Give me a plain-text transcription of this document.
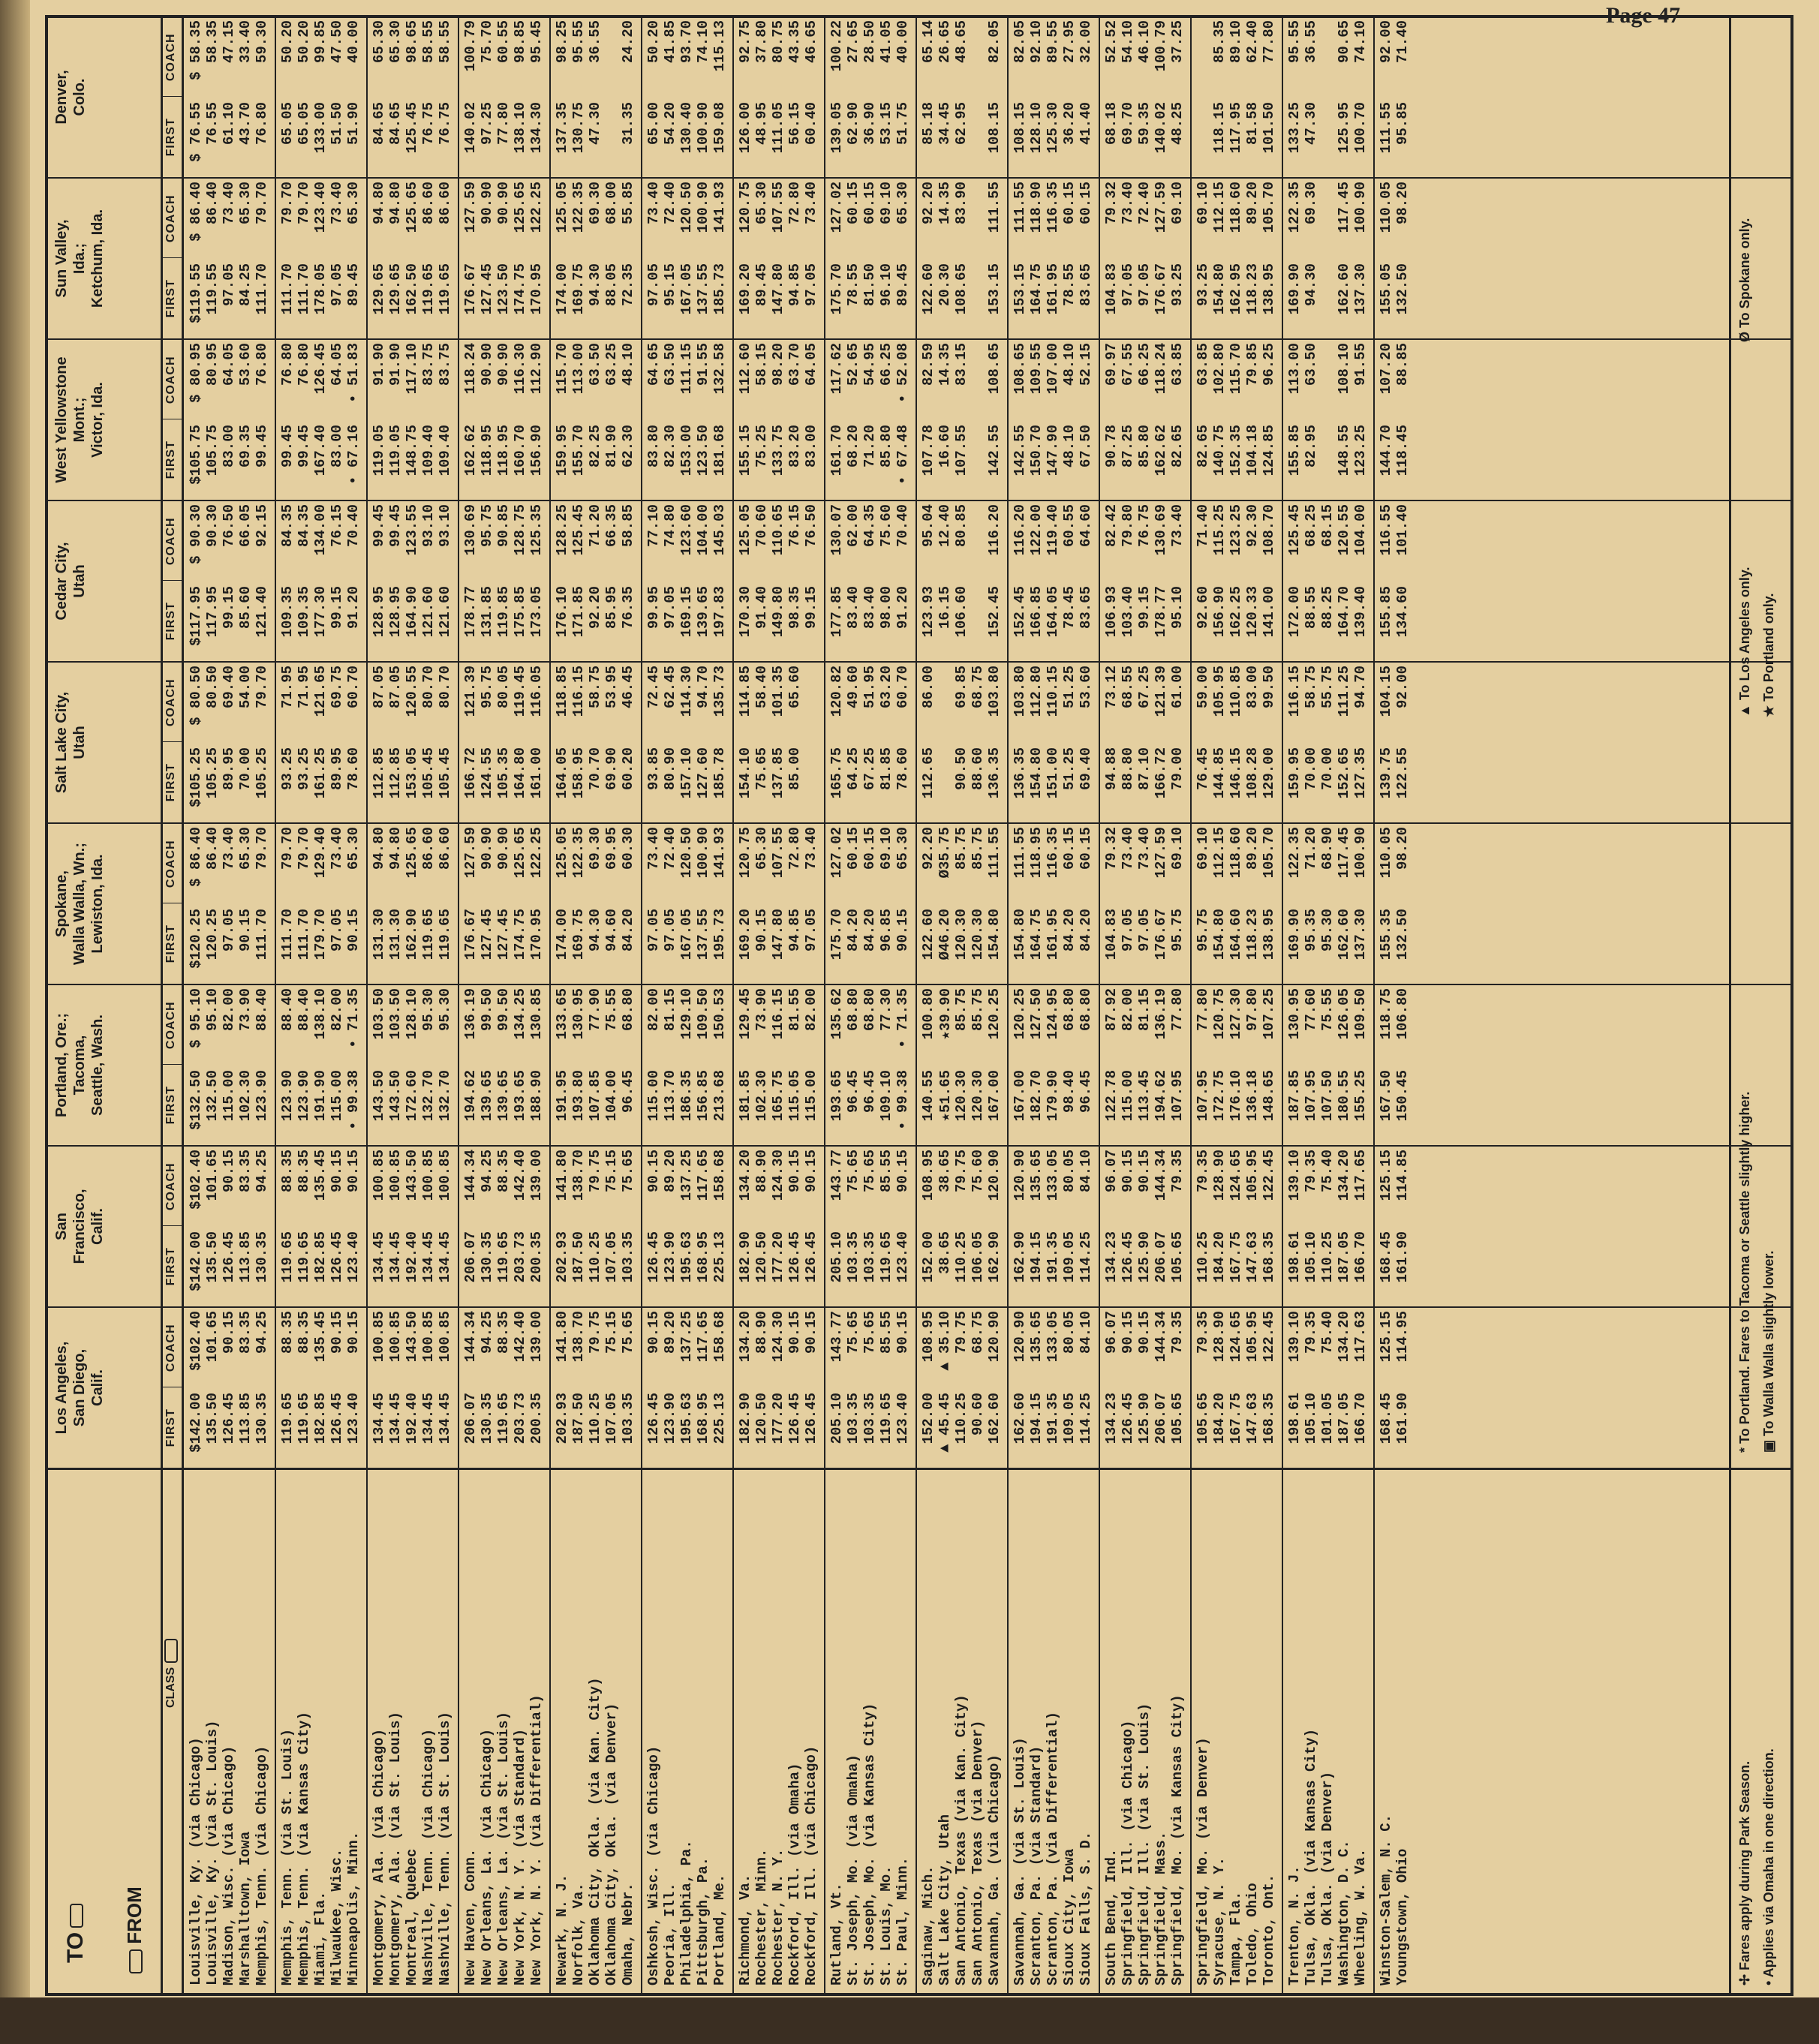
Page 47
TO
FROM
CLASS
Los Angeles,
San Diego,
Calif.
FIRST
COACH
San
Francisco,
Calif.
FIRST
COACH
Portland, Ore.;
Tacoma,
Seattle, Wash.
FIRST
COACH
Spokane,
Walla Walla, Wn.;
Lewiston, Ida.
FIRST
COACH
Salt Lake City,
Utah
FIRST
COACH
Cedar City,
Utah
FIRST
COACH
West Yellowstone
Mont.;
Victor, Ida.
FIRST
COACH
Sun Valley,
Ida.;
Ketchum, Ida.
FIRST
COACH
Denver,
Colo.
FIRST
COACH
Louisville, Ky. (via Chicago)
$142.00
$102.40
$142.00
$102.40
$132.50
$ 95.10
$120.25
$ 86.40
$105.25
$ 80.50
$117.95
$ 90.30
$105.75
$ 80.95
$119.55
$ 86.40
$ 76.55
$ 58.35
Louisville, Ky. (via St. Louis)
135.50
101.65
135.50
101.65
132.50
95.10
120.25
86.40
105.25
80.50
117.95
90.30
105.75
80.95
119.55
86.40
76.55
58.35
Madison, Wisc. (via Chicago)
126.45
90.15
126.45
90.15
115.00
82.00
97.05
73.40
89.95
69.40
99.15
76.50
83.00
64.05
97.05
73.40
61.10
47.15
Marshalltown, Iowa
113.85
83.35
113.85
83.35
102.30
73.90
90.15
65.30
70.00
54.00
85.60
66.05
69.35
53.60
84.25
65.30
43.70
33.40
Memphis, Tenn. (via Chicago)
130.35
94.25
130.35
94.25
123.90
88.40
111.70
79.70
105.25
79.70
121.40
92.15
99.45
76.80
111.70
79.70
76.80
59.30
Memphis, Tenn. (via St. Louis)
119.65
88.35
119.65
88.35
123.90
88.40
111.70
79.70
93.25
71.95
109.35
84.35
99.45
76.80
111.70
79.70
65.05
50.20
Memphis, Tenn. (via Kansas City)
119.65
88.35
119.65
88.35
123.90
88.40
111.70
79.70
93.25
71.95
109.35
84.35
99.45
76.80
111.70
79.70
65.05
50.20
Miami, Fla.
182.85
135.45
182.85
135.45
191.90
138.10
179.70
129.40
161.25
121.65
177.30
134.00
167.40
126.45
178.05
123.40
133.00
99.85
Milwaukee, Wisc.
126.45
90.15
126.45
90.15
115.00
82.00
97.05
73.40
89.95
69.75
99.15
76.15
83.00
64.05
97.05
73.40
51.50
47.50
Minneapolis, Minn.
123.40
90.15
123.40
90.15
• 99.38
• 71.35
90.15
65.30
78.60
60.70
91.20
70.40
• 67.16
• 51.83
89.45
65.30
51.90
40.00
Montgomery, Ala. (via Chicago)
134.45
100.85
134.45
100.85
143.50
103.50
131.30
94.80
112.85
87.05
128.95
99.45
119.05
91.90
129.65
94.80
84.65
65.30
Montgomery, Ala. (via St. Louis)
134.45
100.85
134.45
100.85
143.50
103.50
131.30
94.80
112.85
87.05
128.95
99.45
119.05
91.90
129.65
94.80
84.65
65.30
Montreal, Quebec
192.40
143.50
192.40
143.50
172.60
128.10
162.90
125.65
153.05
120.55
164.90
123.55
148.75
117.10
162.50
125.65
125.45
98.65
Nashville, Tenn. (via Chicago)
134.45
100.85
134.45
100.85
132.70
95.30
119.65
86.60
105.45
80.70
121.60
93.10
109.40
83.75
119.65
86.60
76.75
58.55
Nashville, Tenn. (via St. Louis)
134.45
100.85
134.45
100.85
132.70
95.30
119.65
86.60
105.45
80.70
121.60
93.10
109.40
83.75
119.65
86.60
76.75
58.55
New Haven, Conn.
206.07
144.34
206.07
144.34
194.62
136.19
176.67
127.59
166.72
121.39
178.77
130.69
162.62
118.24
176.67
127.59
140.02
100.79
New Orleans, La. (via Chicago)
130.35
94.25
130.35
94.25
139.65
99.50
127.45
90.90
124.55
95.75
131.85
95.75
118.95
90.90
127.45
90.90
97.25
75.70
New Orleans, La. (via St. Louis)
119.65
88.35
119.65
88.35
139.65
99.50
127.45
90.90
105.35
80.05
119.85
90.85
118.95
90.90
123.50
90.90
77.80
60.55
New York, N. Y. (via Standard)
203.73
142.40
203.73
142.40
193.65
134.25
174.75
125.65
164.80
119.45
175.85
128.75
160.70
116.30
174.75
125.65
138.10
98.85
New York, N. Y. (via Differential)
200.35
139.00
200.35
139.00
188.90
130.85
170.95
122.25
161.00
116.05
173.05
125.35
156.90
112.90
170.95
122.25
134.30
95.45
Newark, N. J.
202.93
141.80
202.93
141.80
191.95
133.65
174.00
125.05
164.05
118.85
176.10
128.25
159.95
115.70
174.00
125.05
137.35
98.25
Norfolk, Va.
187.50
138.70
187.50
138.70
193.80
130.95
169.75
122.35
158.95
116.15
171.85
125.45
155.70
113.00
169.75
122.35
130.75
95.55
Oklahoma City, Okla. (via Kan. City)
110.25
79.75
110.25
79.75
107.85
77.90
94.30
69.30
70.70
58.75
92.20
71.20
82.25
63.50
94.30
69.30
47.30
36.55
Oklahoma City, Okla. (via Denver)
107.05
75.15
107.05
75.15
104.00
75.55
94.60
69.95
69.90
53.95
85.95
66.35
81.90
63.25
88.05
68.00
Omaha, Nebr.
103.35
75.65
103.35
75.65
96.45
68.80
84.20
60.30
60.20
46.45
76.35
58.85
62.30
48.10
72.35
55.85
31.35
24.20
Oshkosh, Wisc. (via Chicago)
126.45
90.15
126.45
90.15
115.00
82.00
97.05
73.40
93.85
72.45
99.95
77.10
83.80
64.65
97.05
73.40
65.00
50.20
Peoria, Ill.
123.90
89.20
123.90
89.20
113.70
81.15
97.05
72.40
80.90
62.45
97.05
74.80
82.30
63.50
95.15
72.40
54.20
41.85
Philadelphia, Pa.
195.63
137.25
195.63
137.25
186.35
129.10
167.05
120.50
157.10
114.30
169.15
123.60
153.00
111.15
167.05
120.50
130.40
93.70
Pittsburgh, Pa.
168.95
117.65
168.95
117.65
156.85
109.50
137.55
100.90
127.60
94.70
139.65
104.00
123.50
91.55
137.55
100.90
100.90
74.10
Portland, Me.
225.13
158.68
225.13
158.68
213.68
150.53
195.73
141.93
185.78
135.73
197.83
145.03
181.68
132.58
185.73
141.93
159.08
115.13
Richmond, Va.
182.90
134.20
182.90
134.20
181.85
129.45
169.20
120.75
154.10
114.85
170.30
125.05
155.15
112.60
169.20
120.75
126.00
92.75
Rochester, Minn.
120.50
88.90
120.50
88.90
102.30
73.90
90.15
65.30
75.65
58.40
91.40
70.60
75.25
58.15
89.45
65.30
48.95
37.80
Rochester, N. Y.
177.20
124.30
177.20
124.30
165.75
116.15
147.80
107.55
137.85
101.35
149.80
110.65
133.75
98.20
147.80
107.55
111.05
80.75
Rockford, Ill. (via Omaha)
126.45
90.15
126.45
90.15
115.05
81.55
94.85
72.80
85.00
65.60
98.35
76.15
83.20
63.70
94.85
72.80
56.15
43.35
Rockford, Ill. (via Chicago)
126.45
90.15
126.45
90.15
115.00
82.00
97.05
73.40
99.15
76.50
83.00
64.05
97.05
73.40
60.40
46.65
Rutland, Vt.
205.10
143.77
205.10
143.77
193.65
135.62
175.70
127.02
165.75
120.82
177.85
130.07
161.70
117.62
175.70
127.02
139.05
100.22
St. Joseph, Mo. (via Omaha)
103.35
75.65
103.35
75.65
96.45
68.80
84.20
60.15
64.25
49.60
83.40
62.00
68.20
52.65
78.55
60.15
62.90
27.65
St. Joseph, Mo. (via Kansas City)
103.35
75.65
103.35
75.65
96.45
68.80
84.20
60.15
67.25
51.95
83.40
64.35
71.20
54.95
81.50
60.15
36.90
28.50
St. Louis, Mo.
119.65
85.55
119.65
85.55
109.10
77.30
96.85
69.10
81.85
63.20
98.00
75.60
85.80
66.25
96.10
69.10
53.15
41.05
St. Paul, Minn.
123.40
90.15
123.40
90.15
• 99.38
• 71.35
90.15
65.30
78.60
60.70
91.20
70.40
• 67.48
• 52.08
89.45
65.30
51.75
40.00
Saginaw, Mich.
152.00
108.95
152.00
108.95
140.55
100.80
122.60
92.20
112.65
86.00
123.93
95.04
107.78
82.59
122.60
92.20
85.18
65.14
Salt Lake City, Utah
▲ 45.45
▲ 35.10
38.65
38.65
★51.65
★39.90
Ø46.20
Ø35.75
16.15
12.40
16.60
14.35
20.30
14.35
34.45
26.65
San Antonio, Texas (via Kan. City)
110.25
79.75
110.25
79.75
120.30
85.75
120.30
85.75
90.50
69.85
106.60
80.85
107.55
83.15
108.65
83.90
62.95
48.65
San Antonio, Texas (via Denver)
90.60
68.75
106.05
75.60
120.30
85.75
120.30
85.75
88.60
68.75
Savannah, Ga. (via Chicago)
162.60
120.90
162.90
120.90
167.00
120.25
154.80
111.55
136.35
103.80
152.45
116.20
142.55
108.65
153.15
111.55
108.15
82.05
Savannah, Ga. (via St. Louis)
162.60
120.90
162.90
120.90
167.00
120.25
154.80
111.55
136.35
103.80
152.45
116.20
142.55
108.65
153.15
111.55
108.15
82.05
Scranton, Pa. (via Standard)
194.15
135.65
194.15
135.65
182.70
127.50
164.75
118.95
154.80
112.80
166.85
122.00
150.70
109.55
164.75
118.90
128.10
92.10
Scranton, Pa. (via Differential)
191.35
133.05
191.35
133.05
179.90
124.95
161.95
116.35
151.00
110.15
164.05
119.40
147.90
107.00
161.95
116.35
125.30
89.55
Sioux City, Iowa
109.05
80.05
109.05
80.05
98.40
68.80
84.20
60.15
51.25
51.25
78.45
60.55
48.10
48.10
78.55
60.15
36.20
27.95
Sioux Falls, S. D.
114.25
84.10
114.25
84.10
96.45
68.80
84.20
60.15
69.40
53.60
83.65
64.60
67.50
52.15
83.65
60.15
41.40
32.00
South Bend, Ind.
134.23
96.07
134.23
96.07
122.78
87.92
104.83
79.32
94.88
73.12
106.93
82.42
90.78
69.97
104.83
79.32
68.18
52.52
Springfield, Ill. (via Chicago)
126.45
90.15
126.45
90.15
115.00
82.00
97.05
73.40
88.80
68.55
103.40
79.80
87.25
67.55
97.05
73.40
69.70
54.10
Springfield, Ill. (via St. Louis)
125.90
90.15
125.90
90.15
113.45
81.15
97.05
73.40
87.10
67.25
99.15
76.75
85.80
66.25
97.05
72.40
59.35
46.10
Springfield, Mass.
206.07
144.34
206.07
144.34
194.62
136.19
176.67
127.59
166.72
121.39
178.77
130.69
162.62
118.24
176.67
127.59
140.02
100.79
Springfield, Mo. (via Kansas City)
105.65
79.35
105.65
79.35
107.95
77.80
95.75
69.10
79.00
61.00
95.10
73.40
82.65
63.85
93.25
69.10
48.25
37.25
Springfield, Mo. (via Denver)
105.65
79.35
110.25
79.35
107.95
77.80
95.75
69.10
76.45
59.00
92.60
71.40
82.65
63.85
93.25
69.10
Syracuse, N. Y.
184.20
128.90
184.20
128.90
172.75
120.75
154.80
112.15
144.85
105.95
156.90
115.25
140.75
102.80
154.80
112.15
118.15
85.35
Tampa, Fla.
167.75
124.65
167.75
124.65
176.10
127.30
164.60
118.60
146.15
110.85
162.25
123.25
152.35
115.70
162.95
118.60
117.95
89.10
Toledo, Ohio
147.63
105.95
147.63
105.95
136.18
97.80
118.23
89.20
108.28
83.00
120.33
92.30
104.18
79.85
118.23
89.20
81.58
62.40
Toronto, Ont.
168.35
122.45
168.35
122.45
148.65
107.25
138.95
105.70
129.00
99.50
141.00
108.70
124.85
96.25
138.95
105.70
101.50
77.80
Trenton, N. J.
198.61
139.10
198.61
139.10
187.85
130.95
169.90
122.35
159.95
116.15
172.00
125.45
155.85
113.00
169.90
122.35
133.25
95.55
Tulsa, Okla. (via Kansas City)
105.10
79.35
105.10
79.35
107.95
77.60
95.35
71.20
70.00
58.75
88.55
68.25
82.95
63.50
94.30
69.30
47.30
36.55
Tulsa, Okla. (via Denver)
101.05
75.40
110.25
75.40
107.50
75.55
95.30
68.90
70.00
55.75
88.25
68.15
Washington, D. C.
187.05
134.20
187.05
134.20
180.55
126.05
162.60
117.45
152.65
111.25
164.70
120.55
148.55
108.10
162.60
117.45
125.95
90.65
Wheeling, W. Va.
166.70
117.63
166.70
117.65
155.25
109.50
137.30
100.90
127.35
94.70
139.40
104.00
123.25
91.55
137.30
100.90
100.70
74.10
Winston-Salem, N. C.
168.45
125.15
168.45
125.15
167.50
118.75
155.35
110.05
139.75
104.15
155.85
116.55
144.70
107.20
155.05
110.05
111.55
92.00
Youngstown, Ohio
161.90
114.95
161.90
114.85
150.45
106.80
132.50
98.20
122.55
92.00
134.60
101.40
118.45
88.85
132.50
98.20
95.85
71.40
✢ Fares apply during Park Season. • Applies via Omaha in one direction.
* To Portland. Fares to Tacoma or Seattle slightly higher. ▣ To Walla Walla slightly lower.
▲ To Los Angeles only. ★ To Portland only.
Ø To Spokane only.
